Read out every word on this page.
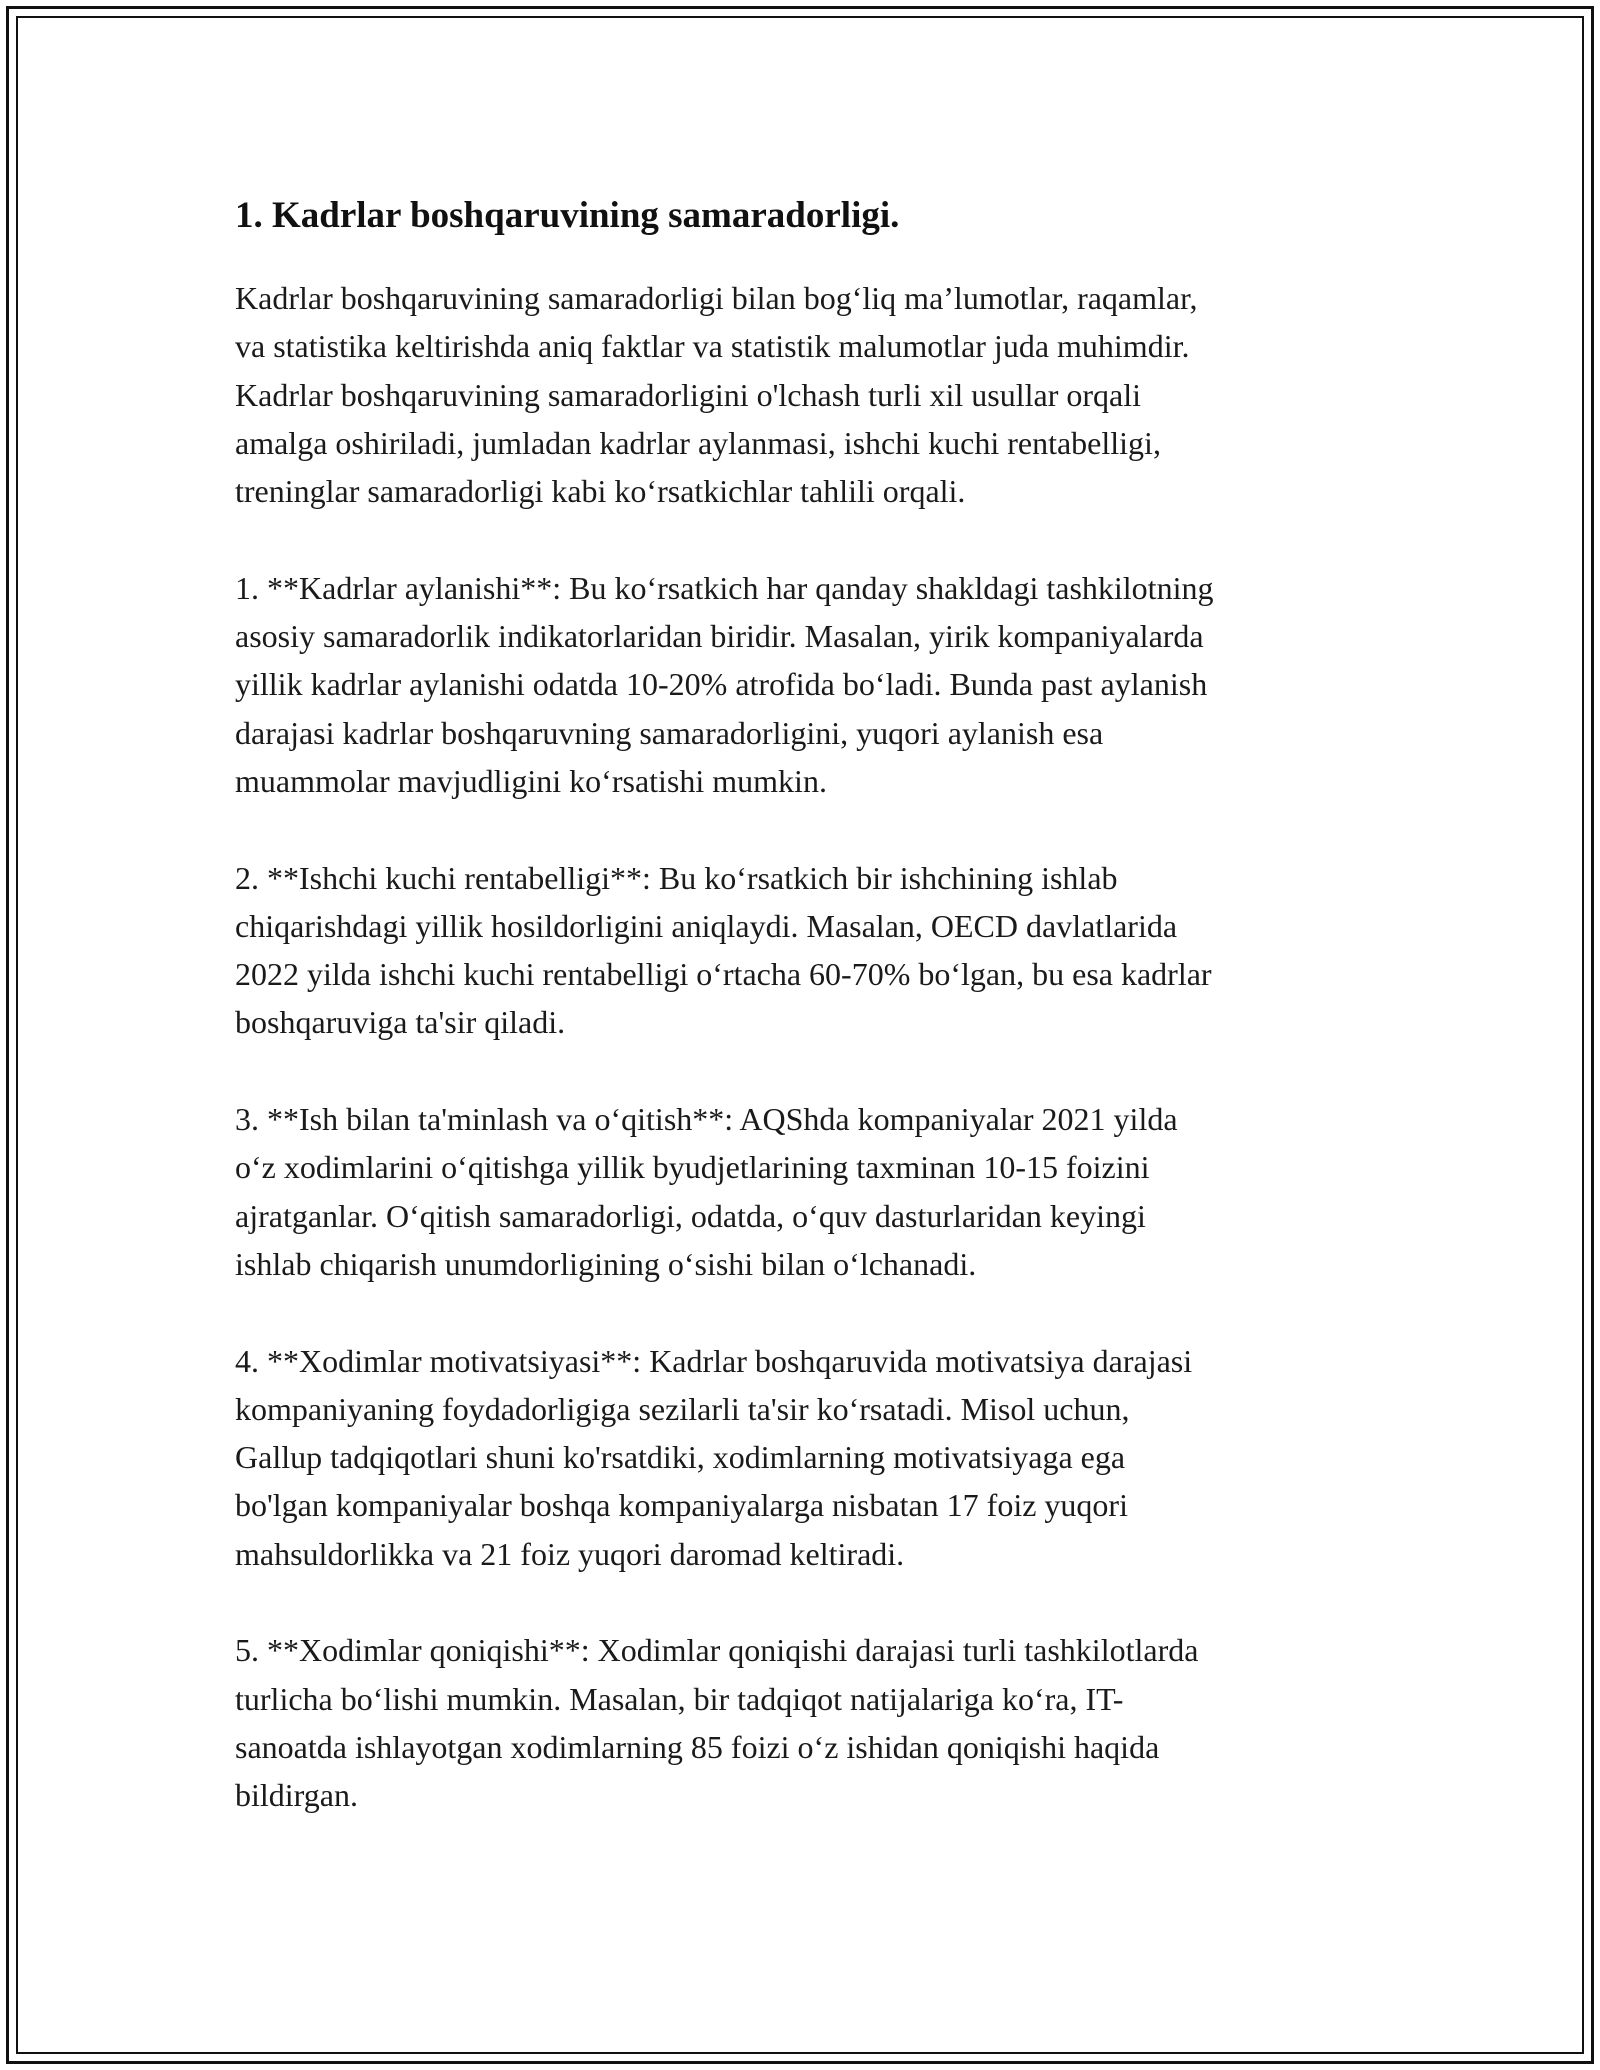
1. Kadrlar boshqaruvining samaradorligi.

Kadrlar boshqaruvining samaradorligi bilan bog‘liq ma’lumotlar, raqamlar,
va statistika keltirishda aniq faktlar va statistik malumotlar juda muhimdir.
Kadrlar boshqaruvining samaradorligini o'lchash turli xil usullar orqali
amalga oshiriladi, jumladan kadrlar aylanmasi, ishchi kuchi rentabelligi,
treninglar samaradorligi kabi ko‘rsatkichlar tahlili orqali.

1. **Kadrlar aylanishi**: Bu ko‘rsatkich har qanday shakldagi tashkilotning
asosiy samaradorlik indikatorlaridan biridir. Masalan, yirik kompaniyalarda
yillik kadrlar aylanishi odatda 10-20% atrofida bo‘ladi. Bunda past aylanish
darajasi kadrlar boshqaruvning samaradorligini, yuqori aylanish esa
muammolar mavjudligini ko‘rsatishi mumkin.

2. **Ishchi kuchi rentabelligi**: Bu ko‘rsatkich bir ishchining ishlab
chiqarishdagi yillik hosildorligini aniqlaydi. Masalan, OECD davlatlarida
2022 yilda ishchi kuchi rentabelligi o‘rtacha 60-70% bo‘lgan, bu esa kadrlar
boshqaruviga ta'sir qiladi.

3. **Ish bilan ta'minlash va o‘qitish**: AQShda kompaniyalar 2021 yilda
o‘z xodimlarini o‘qitishga yillik byudjetlarining taxminan 10-15 foizini
ajratganlar. O‘qitish samaradorligi, odatda, o‘quv dasturlaridan keyingi
ishlab chiqarish unumdorligining o‘sishi bilan o‘lchanadi.

4. **Xodimlar motivatsiyasi**: Kadrlar boshqaruvida motivatsiya darajasi
kompaniyaning foydadorligiga sezilarli ta'sir ko‘rsatadi. Misol uchun,
Gallup tadqiqotlari shuni ko'rsatdiki, xodimlarning motivatsiyaga ega
bo'lgan kompaniyalar boshqa kompaniyalarga nisbatan 17 foiz yuqori
mahsuldorlikka va 21 foiz yuqori daromad keltiradi.

5. **Xodimlar qoniqishi**: Xodimlar qoniqishi darajasi turli tashkilotlarda
turlicha bo‘lishi mumkin. Masalan, bir tadqiqot natijalariga ko‘ra, IT-
sanoatda ishlayotgan xodimlarning 85 foizi o‘z ishidan qoniqishi haqida
bildirgan.
